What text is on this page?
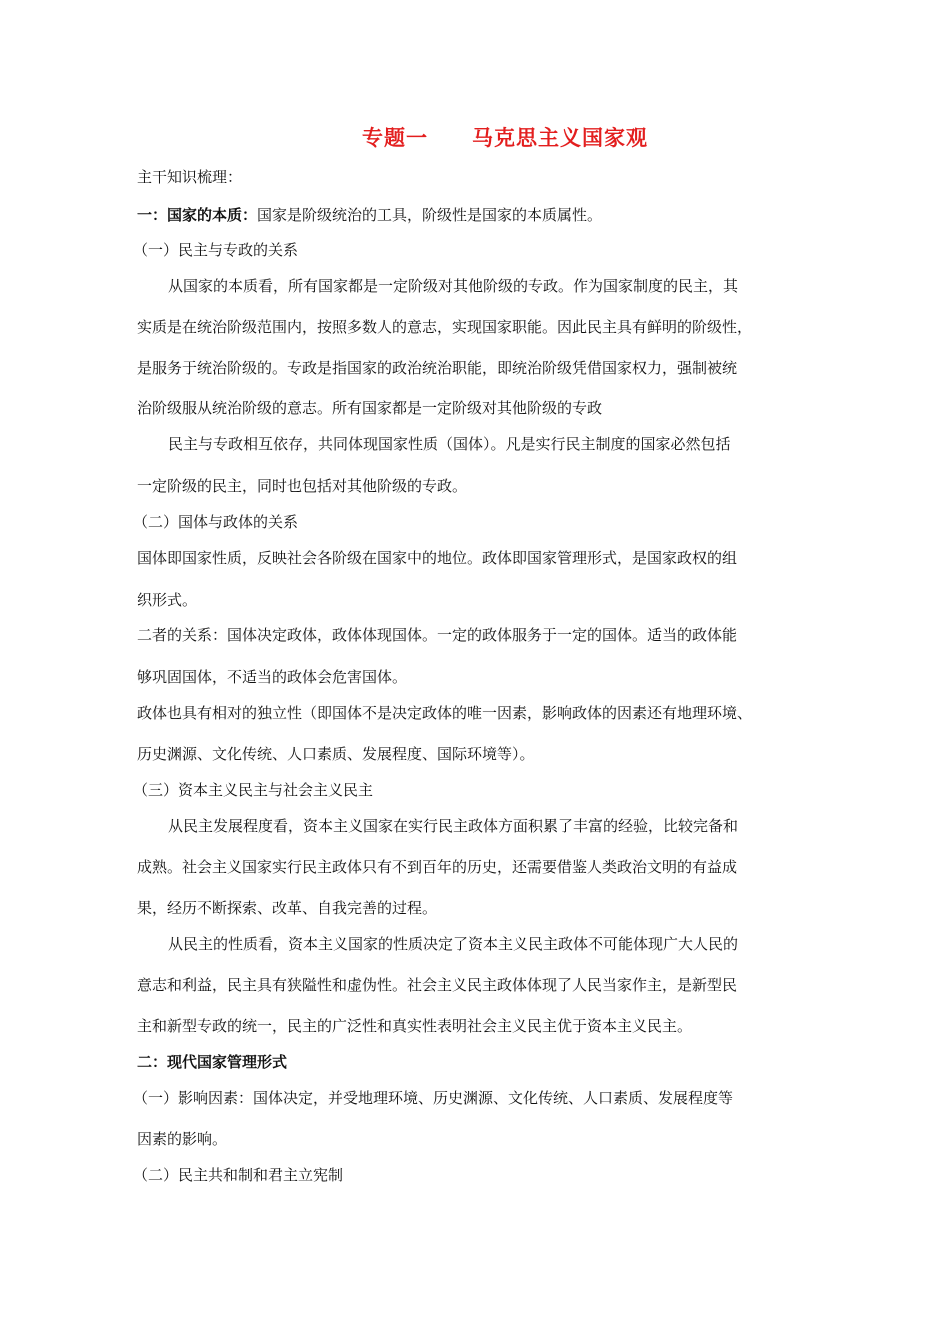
专题一　　马克思主义国家观
主干知识梳理：
一：国家的本质：国家是阶级统治的工具，阶级性是国家的本质属性。
（一）民主与专政的关系
从国家的本质看，所有国家都是一定阶级对其他阶级的专政。作为国家制度的民主，其
实质是在统治阶级范围内，按照多数人的意志，实现国家职能。因此民主具有鲜明的阶级性，
是服务于统治阶级的。专政是指国家的政治统治职能，即统治阶级凭借国家权力，强制被统
治阶级服从统治阶级的意志。所有国家都是一定阶级对其他阶级的专政
民主与专政相互依存，共同体现国家性质（国体）。凡是实行民主制度的国家必然包括
一定阶级的民主，同时也包括对其他阶级的专政。
（二）国体与政体的关系
国体即国家性质，反映社会各阶级在国家中的地位。政体即国家管理形式，是国家政权的组
织形式。
二者的关系：国体决定政体，政体体现国体。一定的政体服务于一定的国体。适当的政体能
够巩固国体，不适当的政体会危害国体。
政体也具有相对的独立性（即国体不是决定政体的唯一因素，影响政体的因素还有地理环境、
历史渊源、文化传统、人口素质、发展程度、国际环境等）。
（三）资本主义民主与社会主义民主
从民主发展程度看，资本主义国家在实行民主政体方面积累了丰富的经验，比较完备和
成熟。社会主义国家实行民主政体只有不到百年的历史，还需要借鉴人类政治文明的有益成
果，经历不断探索、改革、自我完善的过程。
从民主的性质看，资本主义国家的性质决定了资本主义民主政体不可能体现广大人民的
意志和利益，民主具有狭隘性和虚伪性。社会主义民主政体体现了人民当家作主，是新型民
主和新型专政的统一，民主的广泛性和真实性表明社会主义民主优于资本主义民主。
二：现代国家管理形式
（一）影响因素：国体决定，并受地理环境、历史渊源、文化传统、人口素质、发展程度等
因素的影响。
（二）民主共和制和君主立宪制
